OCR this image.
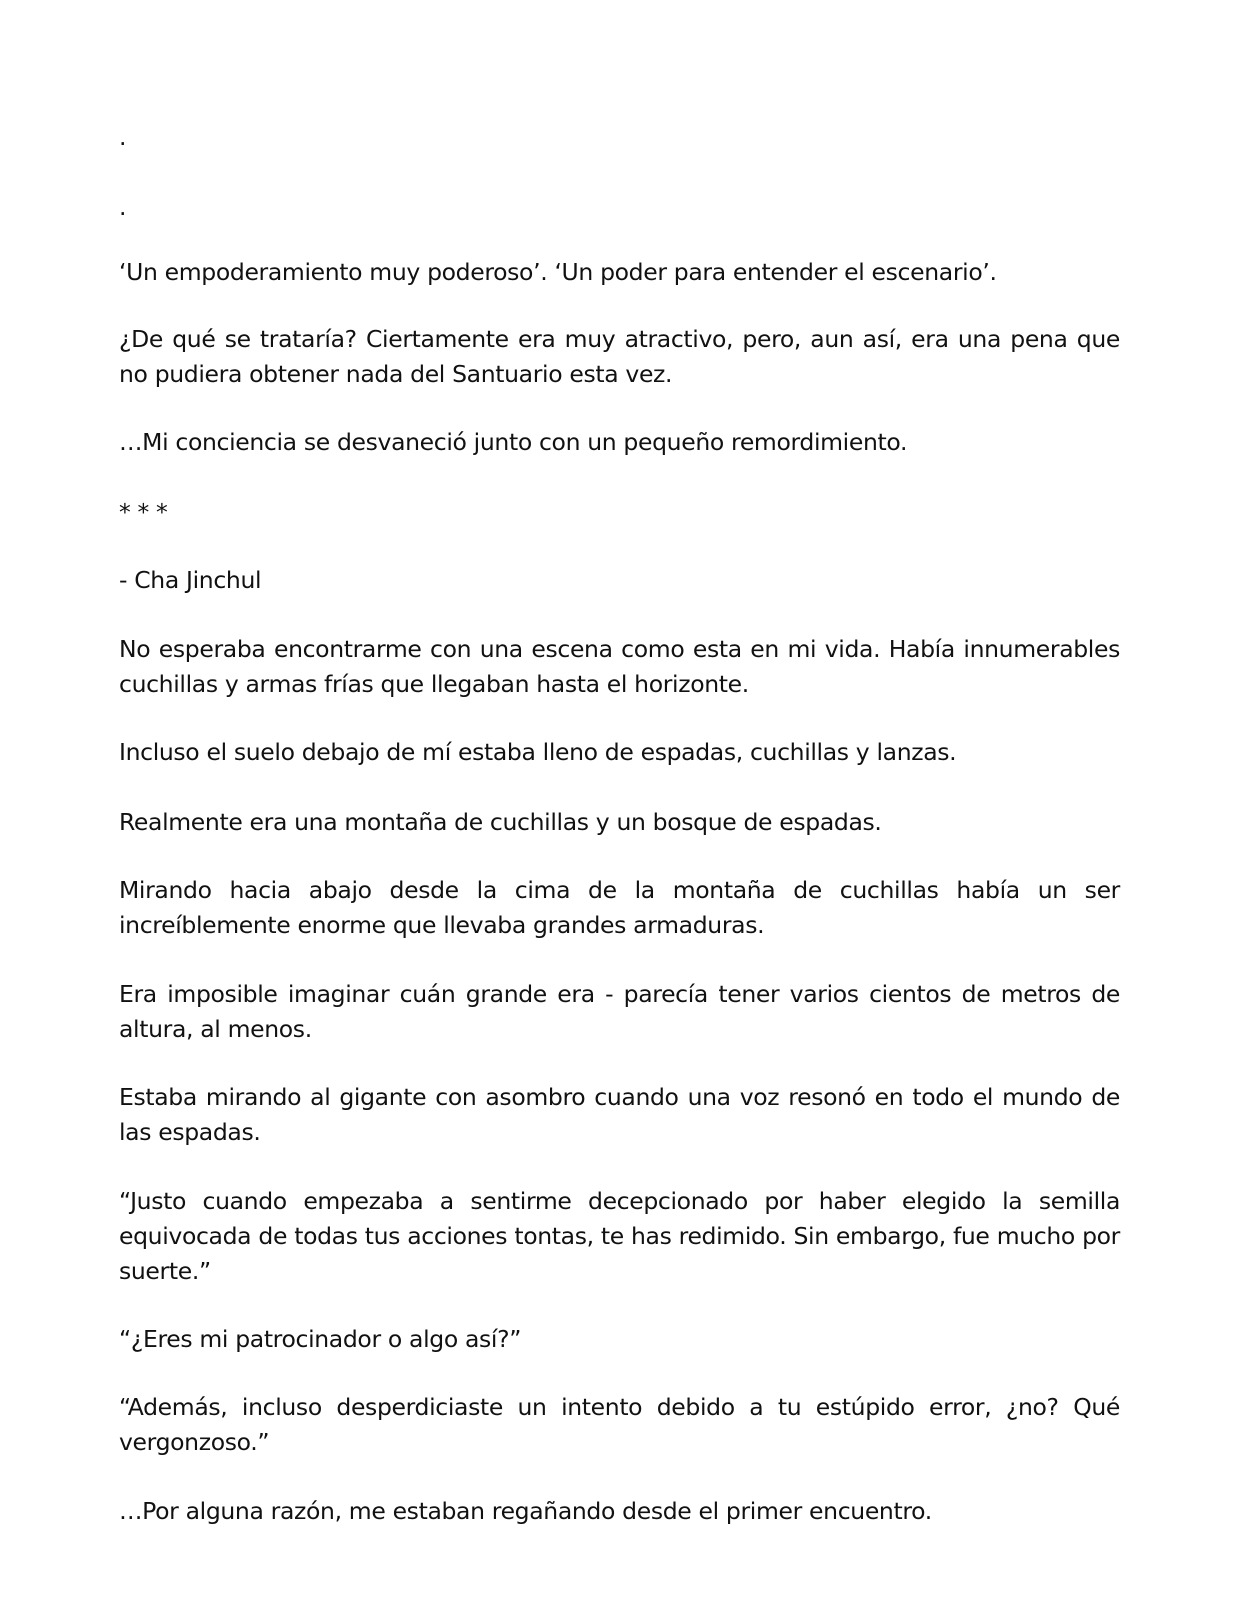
.

.

‘Un empoderamiento muy poderoso’. ‘Un poder para entender el escenario’.

¿De qué se trataría? Ciertamente era muy atractivo, pero, aun así, era una pena que no pudiera obtener nada del Santuario esta vez.

…Mi conciencia se desvaneció junto con un pequeño remordimiento.

* * *

- Cha Jinchul

No esperaba encontrarme con una escena como esta en mi vida. Había innumerables cuchillas y armas frías que llegaban hasta el horizonte.

Incluso el suelo debajo de mí estaba lleno de espadas, cuchillas y lanzas.

Realmente era una montaña de cuchillas y un bosque de espadas.

Mirando hacia abajo desde la cima de la montaña de cuchillas había un ser increíblemente enorme que llevaba grandes armaduras.

Era imposible imaginar cuán grande era - parecía tener varios cientos de metros de altura, al menos.

Estaba mirando al gigante con asombro cuando una voz resonó en todo el mundo de las espadas.

“Justo cuando empezaba a sentirme decepcionado por haber elegido la semilla equivocada de todas tus acciones tontas, te has redimido. Sin embargo, fue mucho por suerte.”

“¿Eres mi patrocinador o algo así?”

“Además, incluso desperdiciaste un intento debido a tu estúpido error, ¿no? Qué vergonzoso.”

…Por alguna razón, me estaban regañando desde el primer encuentro.
